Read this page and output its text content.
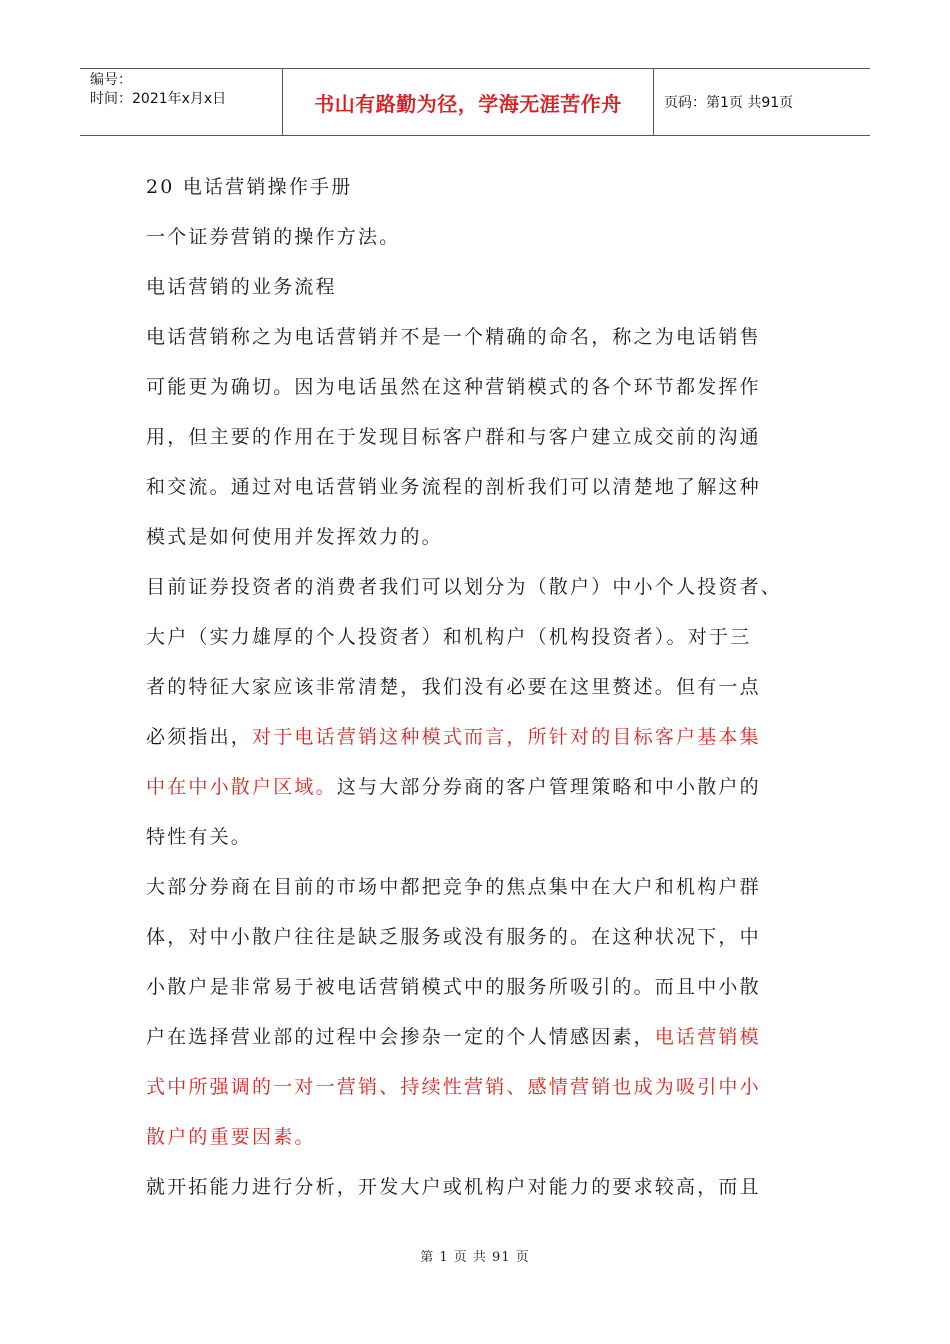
编号：
时间：2021年x月x日	书山有路勤为径，学海无涯苦作舟	页码：第1页 共91页

20 电话营销操作手册

一个证券营销的操作方法。

电话营销的业务流程

电话营销称之为电话营销并不是一个精确的命名，称之为电话销售

可能更为确切。因为电话虽然在这种营销模式的各个环节都发挥作

用，但主要的作用在于发现目标客户群和与客户建立成交前的沟通

和交流。通过对电话营销业务流程的剖析我们可以清楚地了解这种

模式是如何使用并发挥效力的。

目前证券投资者的消费者我们可以划分为（散户）中小个人投资者、

大户（实力雄厚的个人投资者）和机构户（机构投资者）。对于三

者的特征大家应该非常清楚，我们没有必要在这里赘述。但有一点

必须指出，对于电话营销这种模式而言，所针对的目标客户基本集

中在中小散户区域。这与大部分券商的客户管理策略和中小散户的

特性有关。

大部分券商在目前的市场中都把竞争的焦点集中在大户和机构户群

体，对中小散户往往是缺乏服务或没有服务的。在这种状况下，中

小散户是非常易于被电话营销模式中的服务所吸引的。而且中小散

户在选择营业部的过程中会掺杂一定的个人情感因素，电话营销模

式中所强调的一对一营销、持续性营销、感情营销也成为吸引中小

散户的重要因素。

就开拓能力进行分析，开发大户或机构户对能力的要求较高，而且

第 1 页 共 91 页
